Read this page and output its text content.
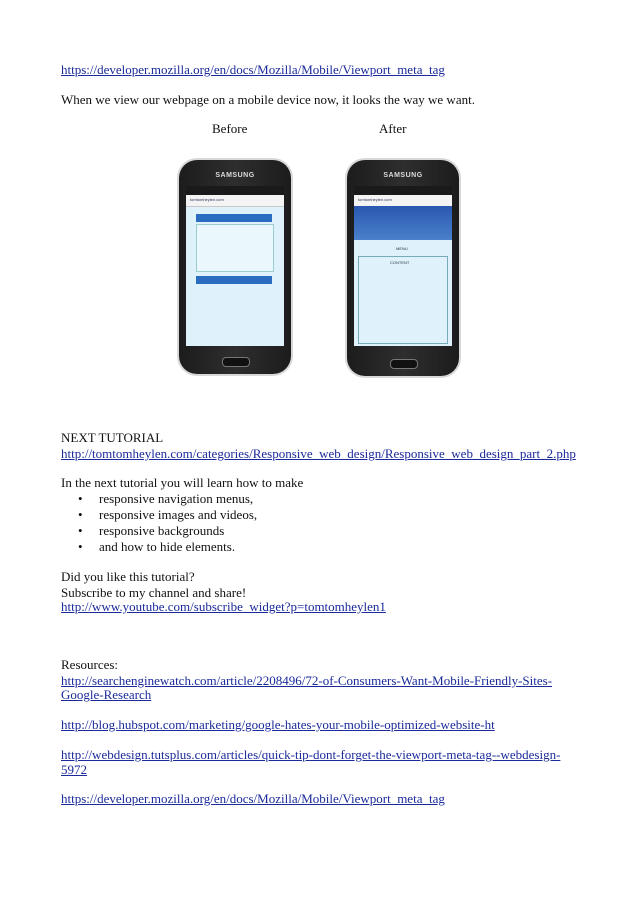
https://developer.mozilla.org/en/docs/Mozilla/Mobile/Viewport_meta_tag
When we view our webpage on a mobile device now, it looks the way we want.
Before	After
SAMSUNG
tomtomheylen.com
SAMSUNG
tomtomheylen.com
MENU
CONTENT
NEXT TUTORIAL
http://tomtomheylen.com/categories/Responsive_web_design/Responsive_web_design_part_2.php
In the next tutorial you will learn how to make
• responsive navigation menus,
• responsive images and videos,
• responsive backgrounds
• and how to hide elements.
Did you like this tutorial?
Subscribe to my channel and share!
http://www.youtube.com/subscribe_widget?p=tomtomheylen1
Resources:
http://searchenginewatch.com/article/2208496/72-of-Consumers-Want-Mobile-Friendly-Sites-
Google-Research
http://blog.hubspot.com/marketing/google-hates-your-mobile-optimized-website-ht
http://webdesign.tutsplus.com/articles/quick-tip-dont-forget-the-viewport-meta-tag--webdesign-
5972
https://developer.mozilla.org/en/docs/Mozilla/Mobile/Viewport_meta_tag
